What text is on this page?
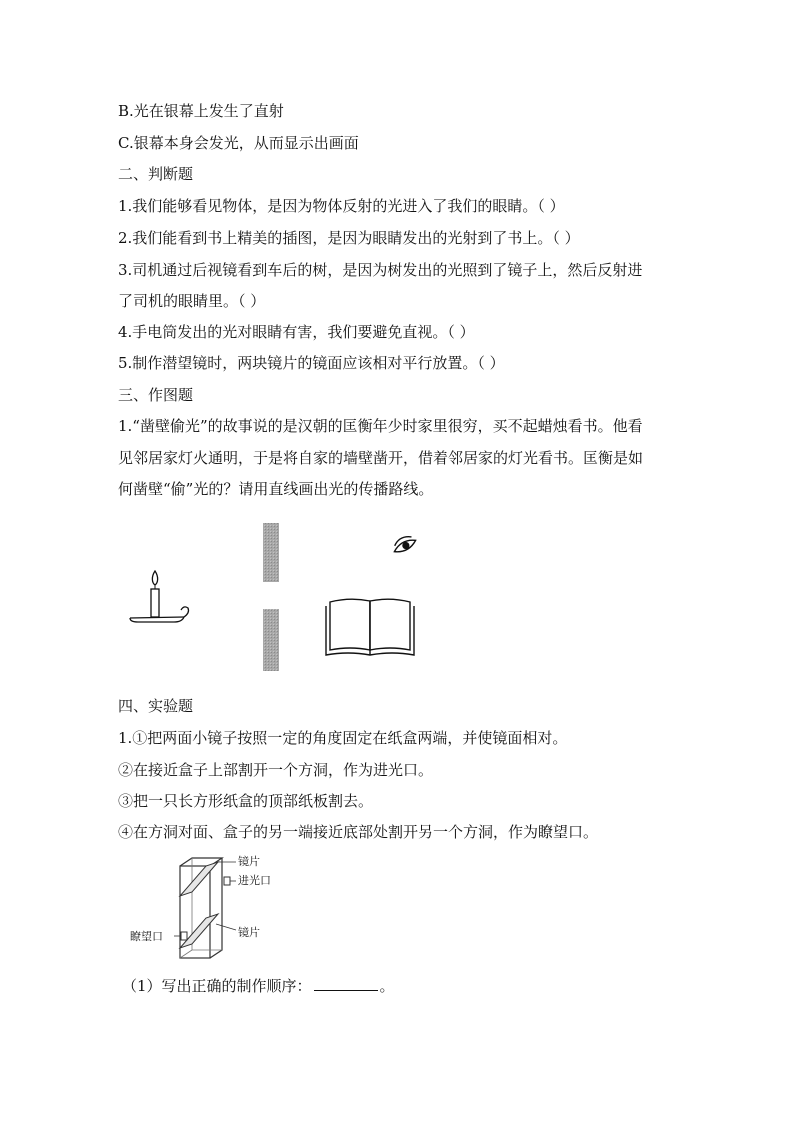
B.光在银幕上发生了直射
C.银幕本身会发光，从而显示出画面
二、判断题
1.我们能够看见物体，是因为物体反射的光进入了我们的眼睛。（ ）
2.我们能看到书上精美的插图，是因为眼睛发出的光射到了书上。（ ）
3.司机通过后视镜看到车后的树，是因为树发出的光照到了镜子上，然后反射进
了司机的眼睛里。（ ）
4.手电筒发出的光对眼睛有害，我们要避免直视。（ ）
5.制作潜望镜时，两块镜片的镜面应该相对平行放置。（ ）
三、作图题
1.“凿壁偷光”的故事说的是汉朝的匡衡年少时家里很穷，买不起蜡烛看书。他看
见邻居家灯火通明，于是将自家的墙壁凿开，借着邻居家的灯光看书。匡衡是如
何凿壁“偷”光的？请用直线画出光的传播路线。
四、实验题
1.①把两面小镜子按照一定的角度固定在纸盒两端，并使镜面相对。
②在接近盒子上部割开一个方洞，作为进光口。
③把一只长方形纸盒的顶部纸板割去。
④在方洞对面、盒子的另一端接近底部处割开另一个方洞，作为瞭望口。
镜片
进光口
镜片
瞭望口
（1）写出正确的制作顺序：	。
